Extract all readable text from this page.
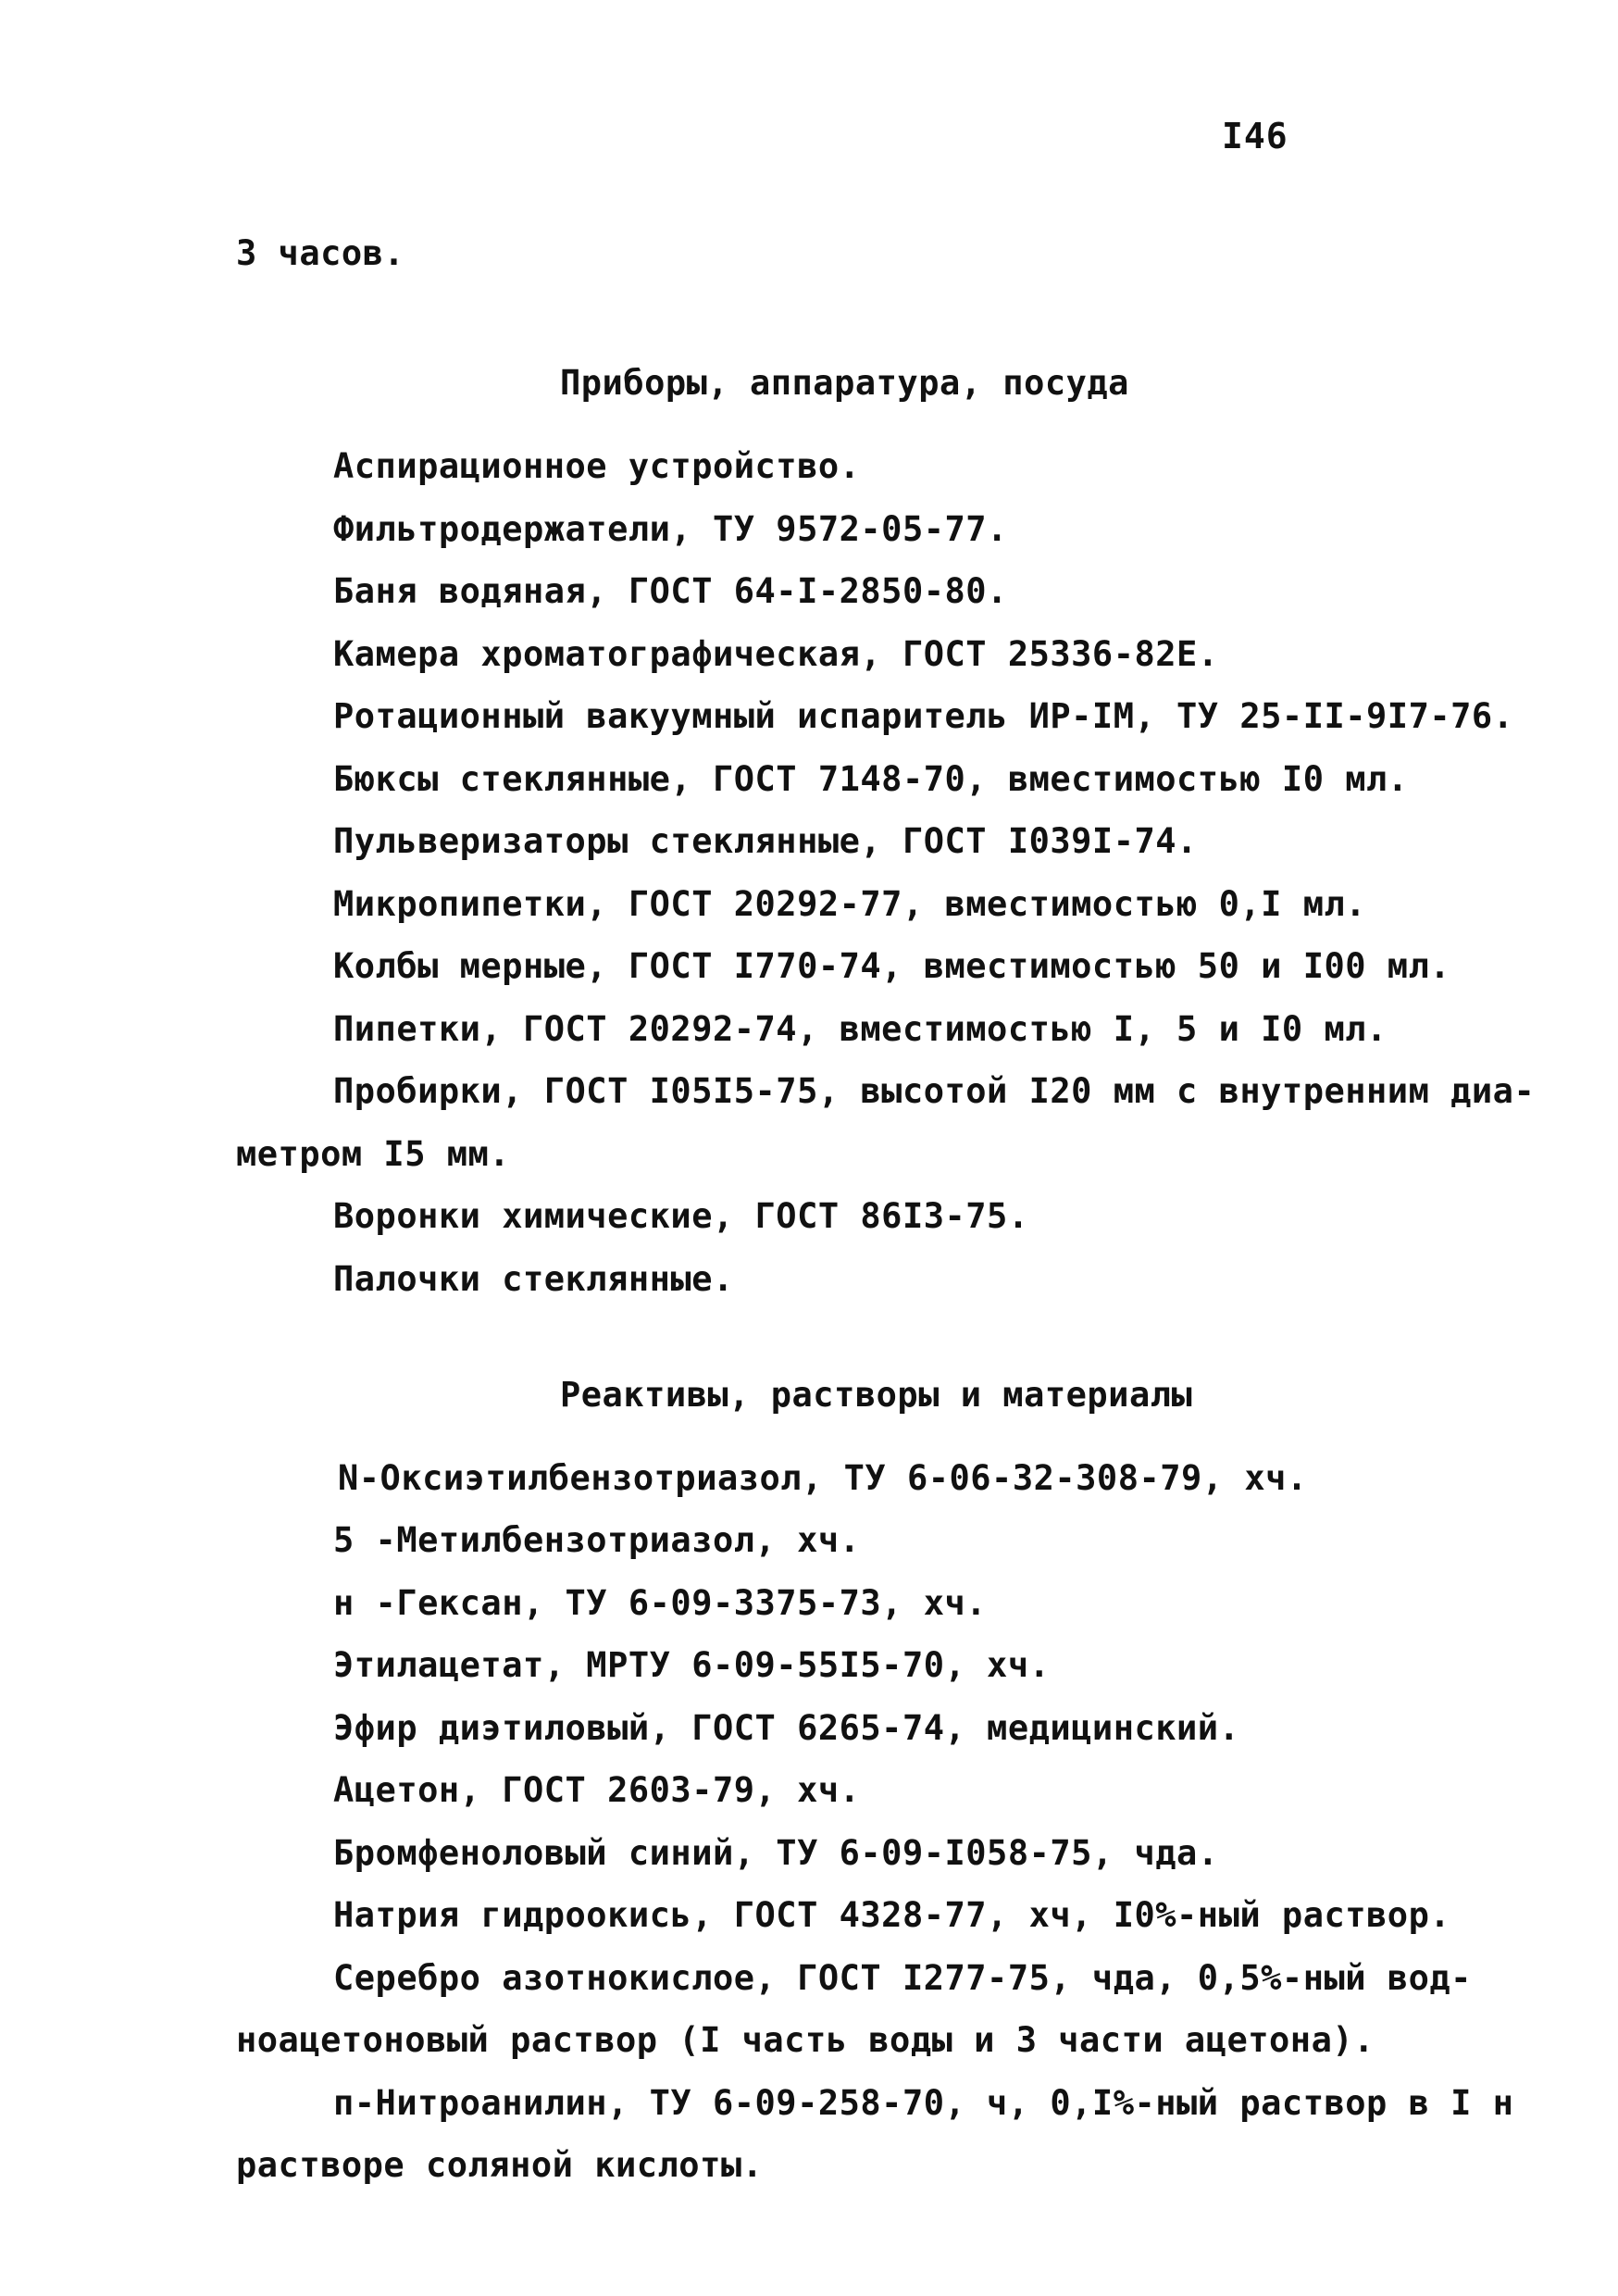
I46
3 часов.
Приборы, аппаратура, посуда
Аспирационное устройство.
Фильтродержатели, ТУ 9572-05-77.
Баня водяная, ГОСТ 64-I-2850-80.
Камера хроматографическая, ГОСТ 25336-82Е.
Ротационный вакуумный испаритель ИР-IМ, ТУ 25-II-9I7-76.
Бюксы стеклянные, ГОСТ 7148-70, вместимостью I0 мл.
Пульверизаторы стеклянные, ГОСТ I039I-74.
Микропипетки, ГОСТ 20292-77, вместимостью 0,I мл.
Колбы мерные, ГОСТ I770-74, вместимостью 50 и I00 мл.
Пипетки, ГОСТ 20292-74, вместимостью I, 5 и I0 мл.
Пробирки, ГОСТ I05I5-75, высотой I20 мм с внутренним диа-
метром I5 мм.
Воронки химические, ГОСТ 86I3-75.
Палочки стеклянные.
Реактивы, растворы и материалы
N-Оксиэтилбензотриазол, ТУ 6-06-32-308-79, хч.
5 -Метилбензотриазол, хч.
н -Гексан, ТУ 6-09-3375-73, хч.
Этилацетат, МРТУ 6-09-55I5-70, хч.
Эфир диэтиловый, ГОСТ 6265-74, медицинский.
Ацетон, ГОСТ 2603-79, хч.
Бромфеноловый синий, ТУ 6-09-I058-75, чда.
Натрия гидроокись, ГОСТ 4328-77, хч, I0%-ный раствор.
Серебро азотнокислое, ГОСТ I277-75, чда, 0,5%-ный вод-
ноацетоновый раствор (I часть воды и 3 части ацетона).
п-Нитроанилин, ТУ 6-09-258-70, ч, 0,I%-ный раствор в I н
растворе соляной кислоты.
